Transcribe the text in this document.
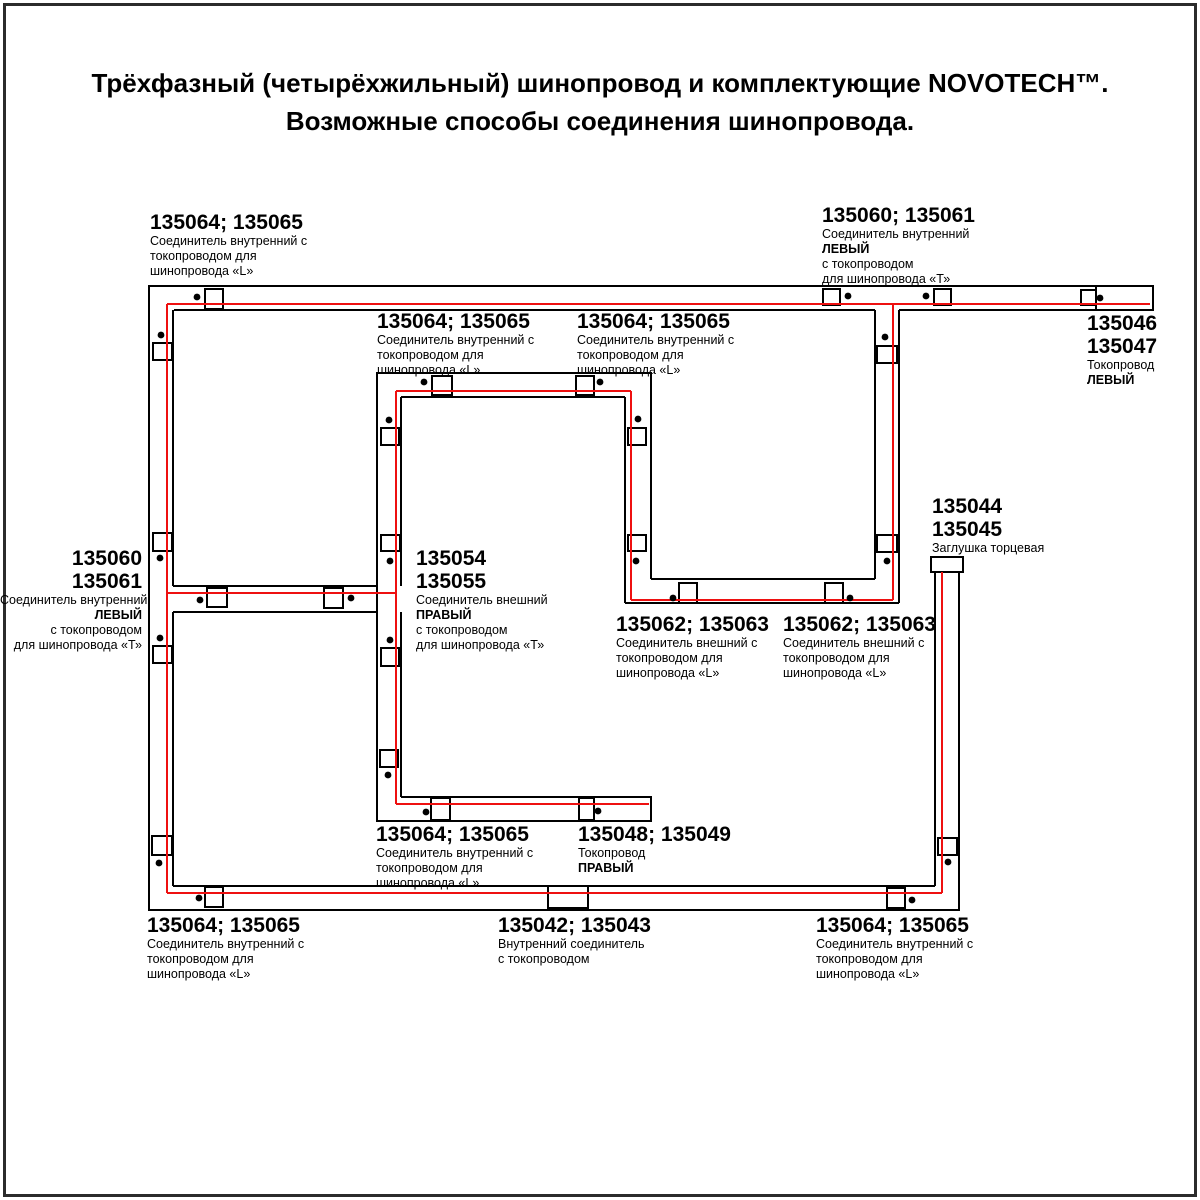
Трёхфазный (четырёхжильный) шинопровод и комплектующие NOVOTECH™.
Возможные способы соединения шинопровода.
135064; 135065
Соединитель внутренний с
токопроводом для
шинопровода «L»
135060; 135061
Соединитель внутренний
ЛЕВЫЙ
с токопроводом
для шинопровода «Т»
135046
135047
Токопровод
ЛЕВЫЙ
135064; 135065
Соединитель внутренний с
токопроводом для
шинопровода «L»
135064; 135065
Соединитель внутренний с
токопроводом для
шинопровода «L»
135060
135061
Соединитель внутренний
ЛЕВЫЙ
с токопроводом
для шинопровода «Т»
135054
135055
Соединитель внешний
ПРАВЫЙ
с токопроводом
для шинопровода «Т»
135062; 135063
Соединитель внешний с
токопроводом для
шинопровода «L»
135062; 135063
Соединитель внешний с
токопроводом для
шинопровода «L»
135044
135045
Заглушка торцевая
135064; 135065
Соединитель внутренний с
токопроводом для
шинопровода «L»
135048; 135049
Токопровод
ПРАВЫЙ
135042; 135043
Внутренний соединитель
с токопроводом
135064; 135065
Соединитель внутренний с
токопроводом для
шинопровода «L»
135064; 135065
Соединитель внутренний с
токопроводом для
шинопровода «L»
